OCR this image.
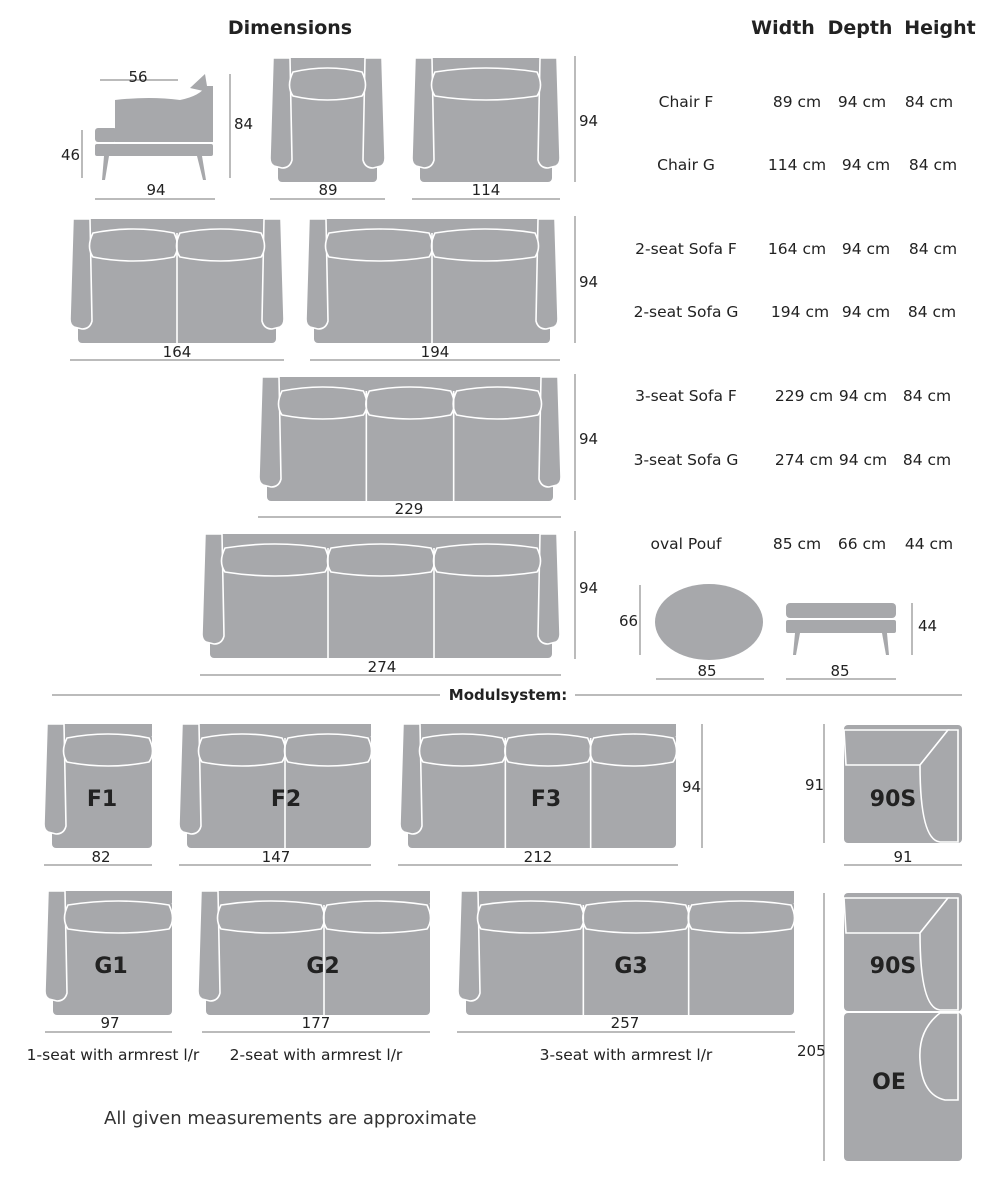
Dimensions	Width Depth Height
Chair F	89 cm 94 cm 84 cm
Chair G	114 cm 94 cm 84 cm
2-seat Sofa F 164 cm 94 cm 84 cm
2-seat Sofa G 194 cm 94 cm 84 cm
3-seat Sofa F 229 cm 94 cm 84 cm
3-seat Sofa G 274 cm 94 cm 84 cm
oval Pouf	85 cm 66 cm 44 cm
56
84
46
94	89	114
94
164	194
94
229
94
274
94
66
85	85
44
Modulsystem:
F1	F2	F3	90S
82	147	212
94	91
91
G1	G2	G3	90S
OE
97	177	257
205
1-seat with armrest l/r 2-seat with armrest l/r	3-seat with armrest l/r
All given measurements are approximate
